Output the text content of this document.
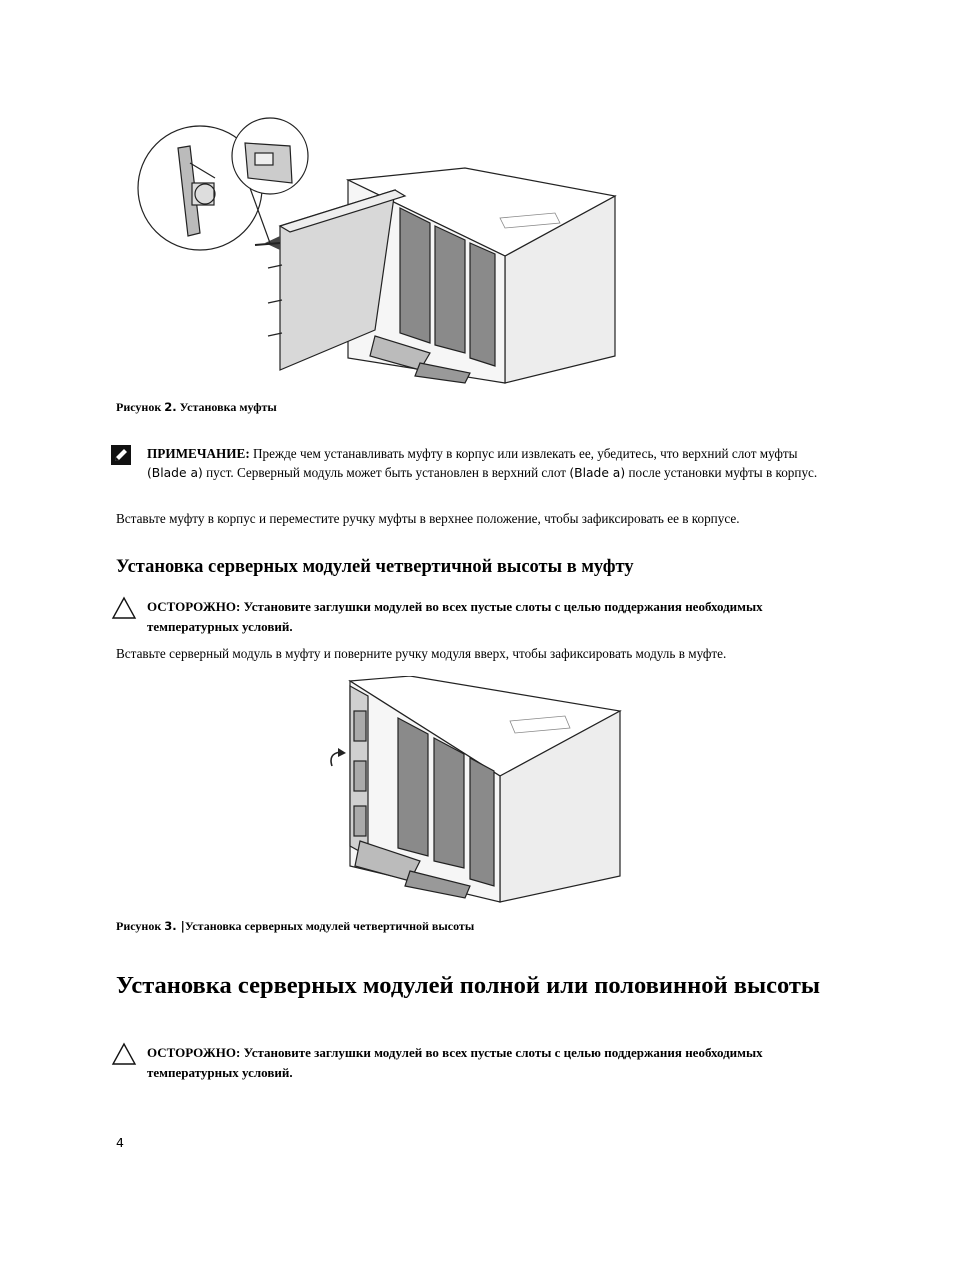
Рисунок 2. Установка муфты
ПРИМЕЧАНИЕ: Прежде чем устанавливать муфту в корпус или извлекать ее, убедитесь, что верхний слот муфты (Blade a) пуст. Серверный модуль может быть установлен в верхний слот (Blade a) после установки муфты в корпус.
Вставьте муфту в корпус и переместите ручку муфты в верхнее положение, чтобы зафиксировать ее в корпусе.
Установка серверных модулей четвертичной высоты в муфту
ОСТОРОЖНО: Установите заглушки модулей во всех пустые слоты с целью поддержания необходимых температурных условий.
Вставьте серверный модуль в муфту и поверните ручку модуля вверх, чтобы зафиксировать модуль в муфте.
Рисунок 3. |Установка серверных модулей четвертичной высоты
Установка серверных модулей полной или половинной высоты
ОСТОРОЖНО: Установите заглушки модулей во всех пустые слоты с целью поддержания необходимых температурных условий.
4
